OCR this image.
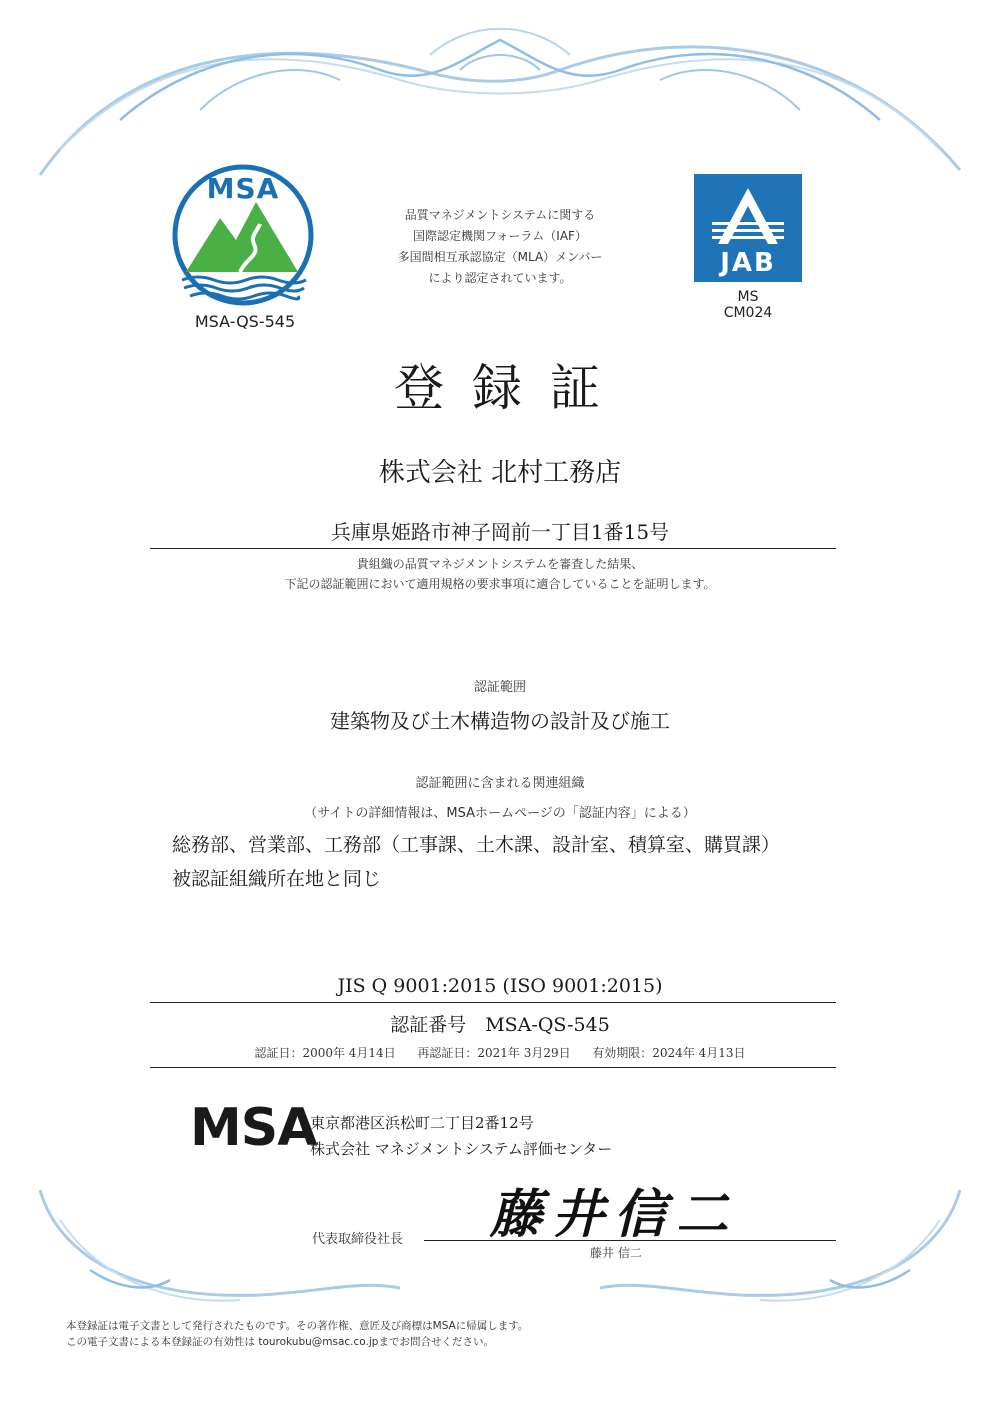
MSA
MSA-QS-545
品質マネジメントシステムに関する
国際認定機関フォーラム（IAF）
多国間相互承認協定（MLA）メンバー
により認定されています。	JAB
MS
CM024
登 録 証
株式会社 北村工務店
兵庫県姫路市神子岡前一丁目1番15号
貴組織の品質マネジメントシステムを審査した結果、
下記の認証範囲において適用規格の要求事項に適合していることを証明します。
認証範囲
建築物及び土木構造物の設計及び施工
認証範囲に含まれる関連組織
（サイトの詳細情報は、MSAホームページの「認証内容」による）
総務部、営業部、工務部（工事課、土木課、設計室、積算室、購買課）
被認証組織所在地と同じ
JIS Q 9001:2015 (ISO 9001:2015)
認証番号　MSA-QS-545
認証日：2000年 4月14日 再認証日：2021年 3月29日 有効期限：2024年 4月13日
MSA
東京都港区浜松町二丁目2番12号
株式会社 マネジメントシステム評価センター
代表取締役社長 藤井信二
藤井 信二
本登録証は電子文書として発行されたものです。その著作権、意匠及び商標はMSAに帰属します。
この電子文書による本登録証の有効性は tourokubu@msac.co.jpまでお問合せください。
